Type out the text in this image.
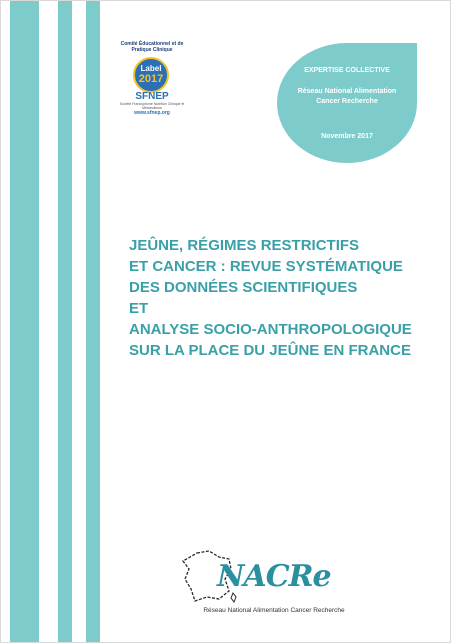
Comité Éducationnel et de Pratique Clinique
Label
2017
SFNEP
Société Francophone Nutrition Clinique et Métabolisme
www.sfnep.org
EXPERTISE COLLECTIVE
Réseau National Alimentation Cancer Recherche
Novembre 2017
JEÛNE, RÉGIMES RESTRICTIFS
ET CANCER : REVUE SYSTÉMATIQUE
DES DONNÉES SCIENTIFIQUES
ET
ANALYSE SOCIO-ANTHROPOLOGIQUE
SUR LA PLACE DU JEÛNE EN FRANCE
NACRe
Réseau National Alimentation Cancer Recherche
